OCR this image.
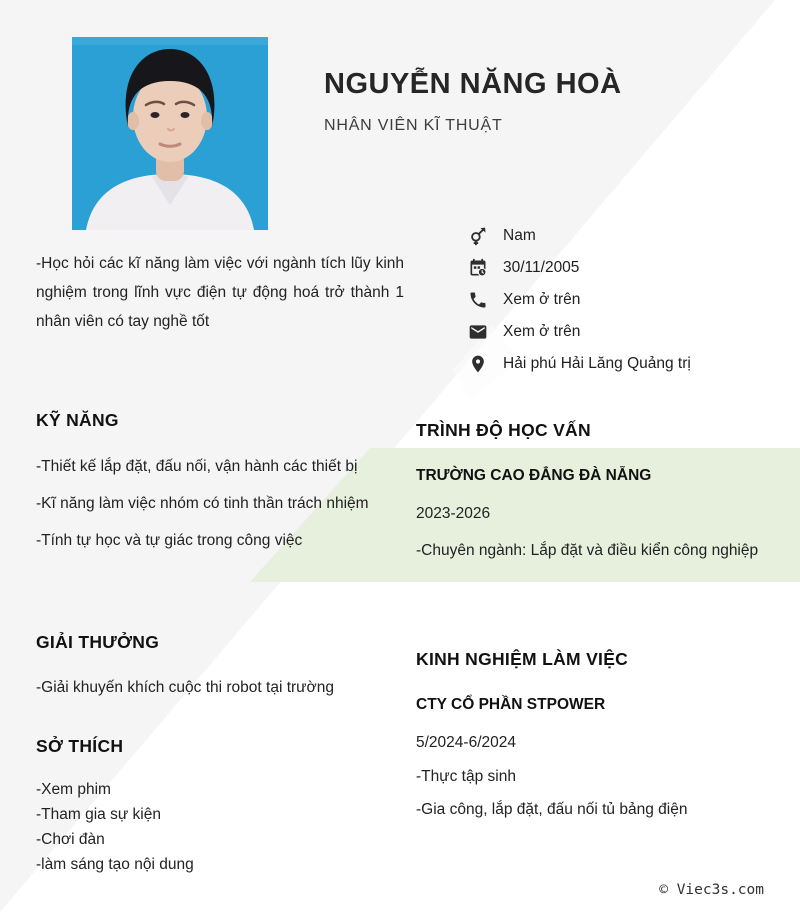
NGUYỄN NĂNG HOÀ
NHÂN VIÊN KĨ THUẬT
-Học hỏi các kĩ năng làm việc với ngành tích lũy kinh nghiệm trong lĩnh vực điện tự động hoá trở thành 1 nhân viên có tay nghề tốt
Nam
30/11/2005
Xem ở trên
Xem ở trên
Hải phú Hải Lăng Quảng trị
KỸ NĂNG
-Thiết kế lắp đặt, đấu nối, vận hành các thiết bị
-Kĩ năng làm việc nhóm có tinh thần trách nhiệm
-Tính tự học và tự giác trong công việc
GIẢI THƯỞNG
-Giải khuyến khích cuộc thi robot tại trường
SỞ THÍCH
-Xem phim
-Tham gia sự kiện
-Chơi đàn
-làm sáng tạo nội dung
TRÌNH ĐỘ HỌC VẤN
TRƯỜNG CAO ĐẲNG ĐÀ NẴNG
2023-2026
-Chuyên ngành: Lắp đặt và điều kiển công nghiệp
KINH NGHIỆM LÀM VIỆC
CTY CỔ PHẦN STPOWER
5/2024-6/2024
-Thực tập sinh
-Gia công, lắp đặt, đấu nối tủ bảng điện
© Viec3s.com
